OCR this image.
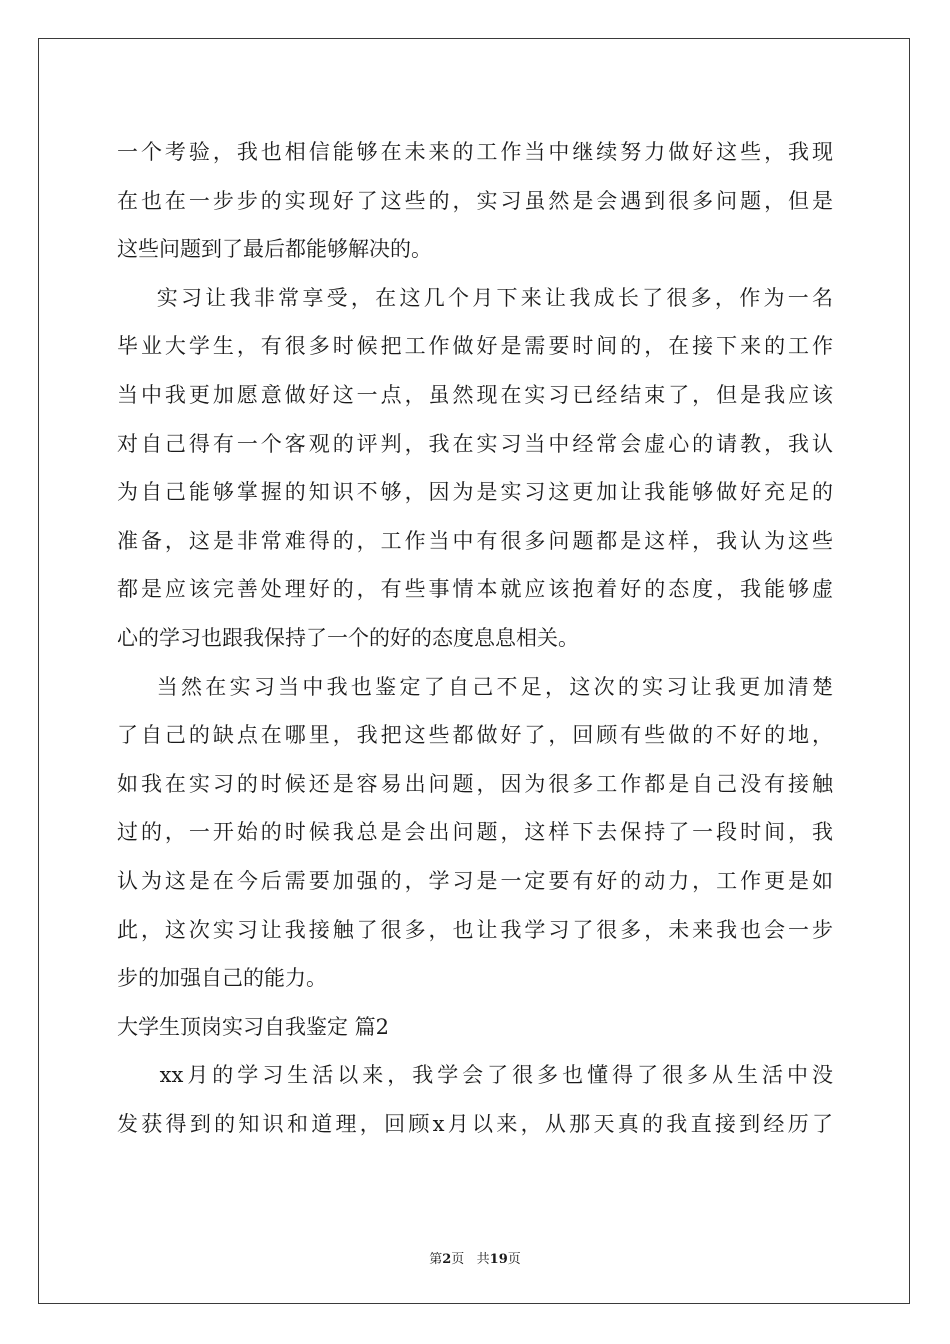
一个考验，我也相信能够在未来的工作当中继续努力做好这些，我现
在也在一步步的实现好了这些的，实习虽然是会遇到很多问题，但是
这些问题到了最后都能够解决的。
实习让我非常享受，在这几个月下来让我成长了很多，作为一名
毕业大学生，有很多时候把工作做好是需要时间的，在接下来的工作
当中我更加愿意做好这一点，虽然现在实习已经结束了，但是我应该
对自己得有一个客观的评判，我在实习当中经常会虚心的请教，我认
为自己能够掌握的知识不够，因为是实习这更加让我能够做好充足的
准备，这是非常难得的，工作当中有很多问题都是这样，我认为这些
都是应该完善处理好的，有些事情本就应该抱着好的态度，我能够虚
心的学习也跟我保持了一个的好的态度息息相关。
当然在实习当中我也鉴定了自己不足，这次的实习让我更加清楚
了自己的缺点在哪里，我把这些都做好了，回顾有些做的不好的地，
如我在实习的时候还是容易出问题，因为很多工作都是自己没有接触
过的，一开始的时候我总是会出问题，这样下去保持了一段时间，我
认为这是在今后需要加强的，学习是一定要有好的动力，工作更是如
此，这次实习让我接触了很多，也让我学习了很多，未来我也会一步
步的加强自己的能力。
大学生顶岗实习自我鉴定 篇2
xx月的学习生活以来，我学会了很多也懂得了很多从生活中没
发获得到的知识和道理，回顾x月以来，从那天真的我直接到经历了
第2页   共19页
